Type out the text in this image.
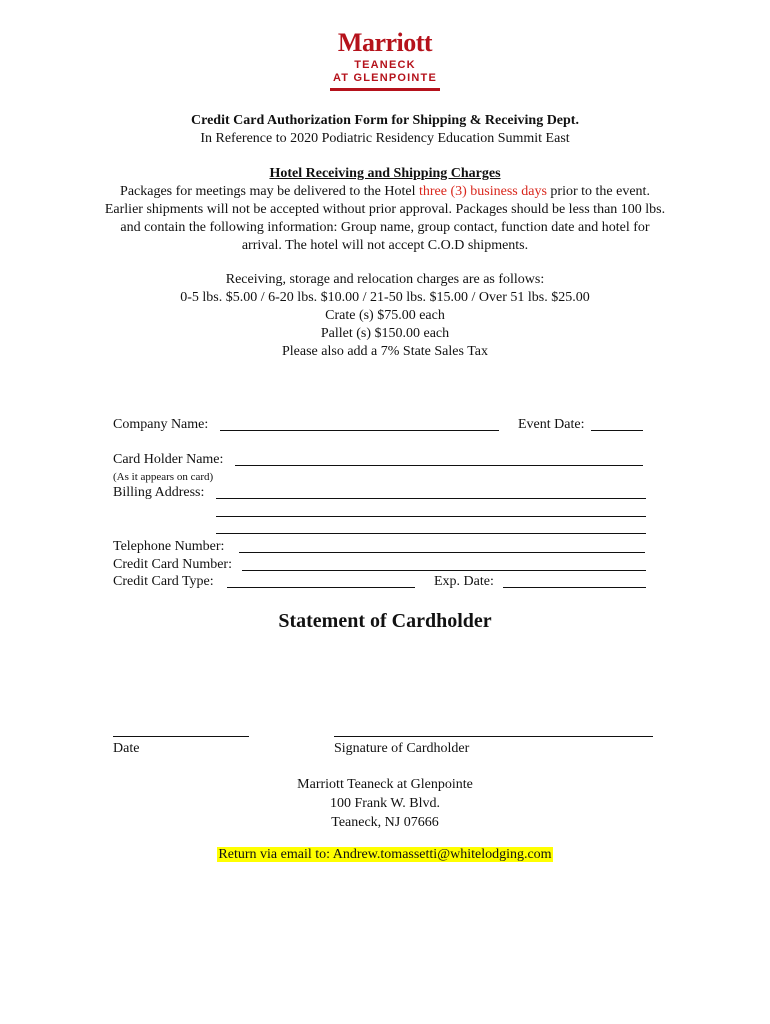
Marriott
TEANECK
AT GLENPOINTE
Credit Card Authorization Form for Shipping & Receiving Dept.
In Reference to 2020 Podiatric Residency Education Summit East
Hotel Receiving and Shipping Charges
Packages for meetings may be delivered to the Hotel three (3) business days prior to the event. Earlier shipments will not be accepted without prior approval. Packages should be less than 100 lbs. and contain the following information: Group name, group contact, function date and hotel for arrival. The hotel will not accept C.O.D shipments.
Receiving, storage and relocation charges are as follows:
0-5 lbs. $5.00 / 6-20 lbs. $10.00 / 21-50 lbs. $15.00 / Over 51 lbs. $25.00
Crate (s) $75.00 each
Pallet (s) $150.00 each
Please also add a 7% State Sales Tax
Company Name:	Event Date:
Card Holder Name:
(As it appears on card)
Billing Address:
Telephone Number:
Credit Card Number:
Credit Card Type:	Exp. Date:
Statement of Cardholder
Date	Signature of Cardholder
Marriott Teaneck at Glenpointe
100 Frank W. Blvd.
Teaneck, NJ 07666
Return via email to: Andrew.tomassetti@whitelodging.com
